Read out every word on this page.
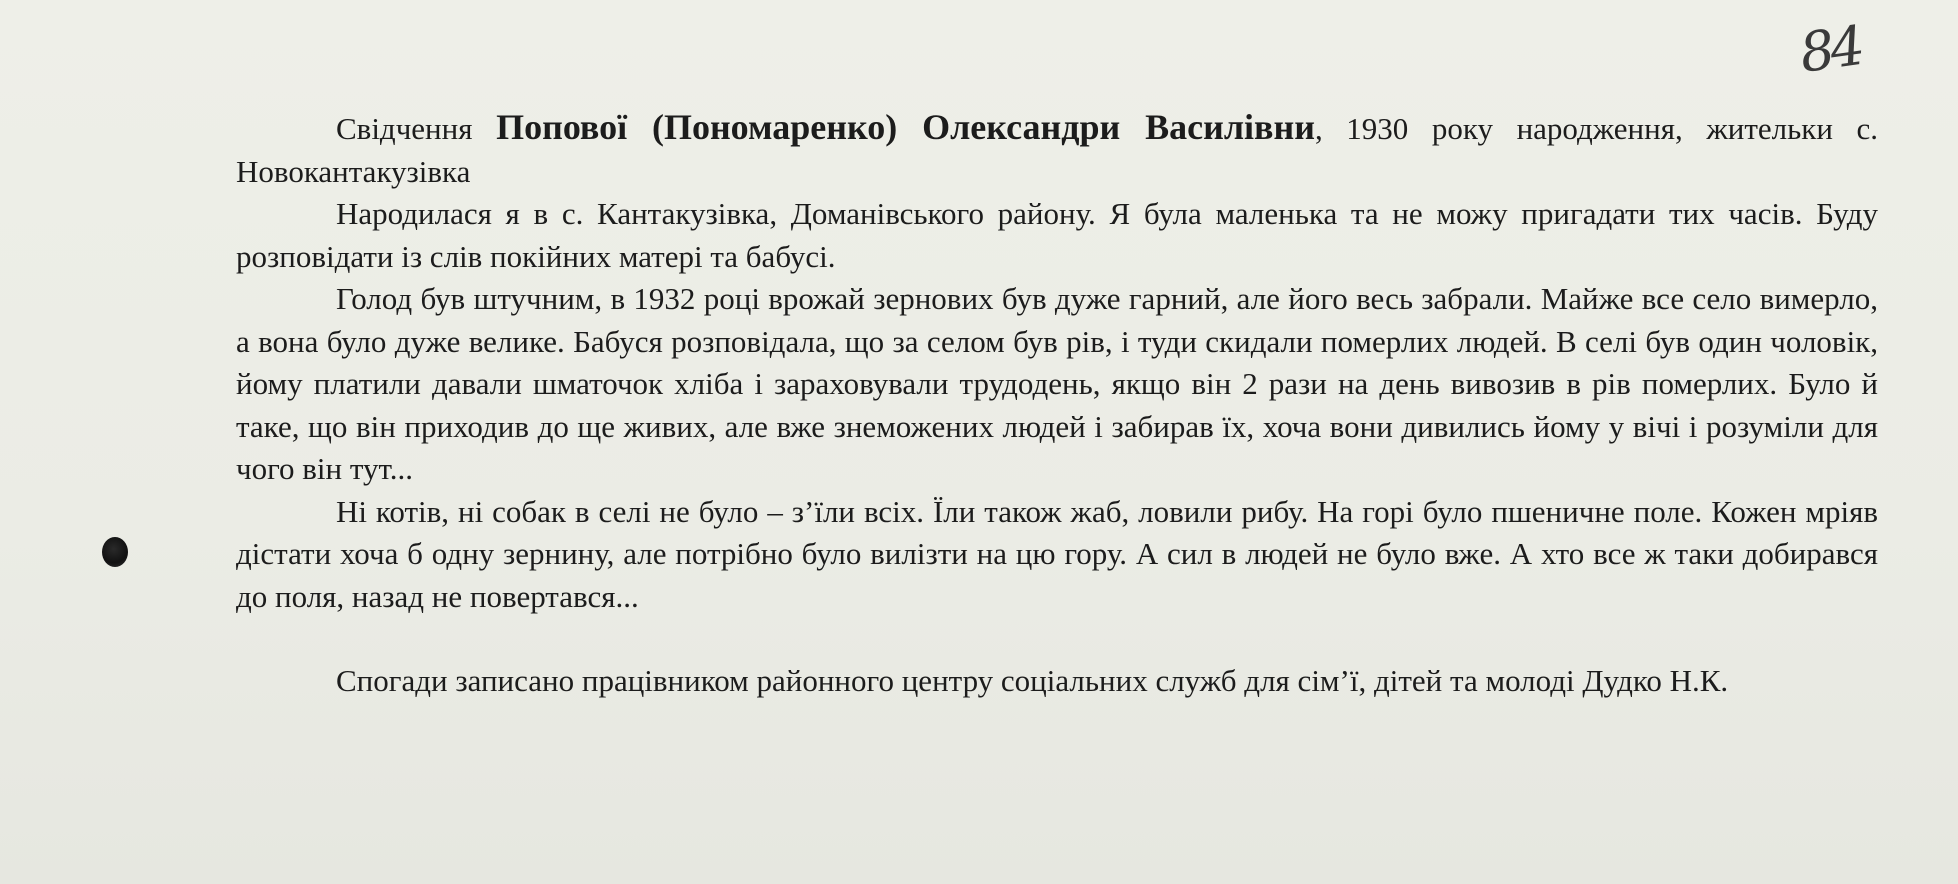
84

Свідчення Попової (Пономаренко) Олександри Василівни, 1930 року народження, жительки с. Новокантакузівка

Народилася я в с. Кантакузівка, Доманівського району. Я була маленька та не можу пригадати тих часів. Буду розповідати із слів покійних матері та бабусі.

Голод був штучним, в 1932 році врожай зернових був дуже гарний, але його весь забрали. Майже все село вимерло, а вона було дуже велике. Бабуся розповідала, що за селом був рів, і туди скидали померлих людей. В селі був один чоловік, йому платили давали шматочок хліба і зараховували трудодень, якщо він 2 рази на день вивозив в рів померлих. Було й таке, що він приходив до ще живих, але вже знеможених людей і забирав їх, хоча вони дивились йому у вічі і розуміли для чого він тут...

Ні котів, ні собак в селі не було – з’їли всіх. Їли також жаб, ловили рибу. На горі було пшеничне поле. Кожен мріяв дістати хоча б одну зернину, але потрібно було вилізти на цю гору. А сил в людей не було вже. А хто все ж таки добирався до поля, назад не повертався...

Спогади записано працівником районного центру соціальних служб для сім’ї, дітей та молоді Дудко Н.К.
